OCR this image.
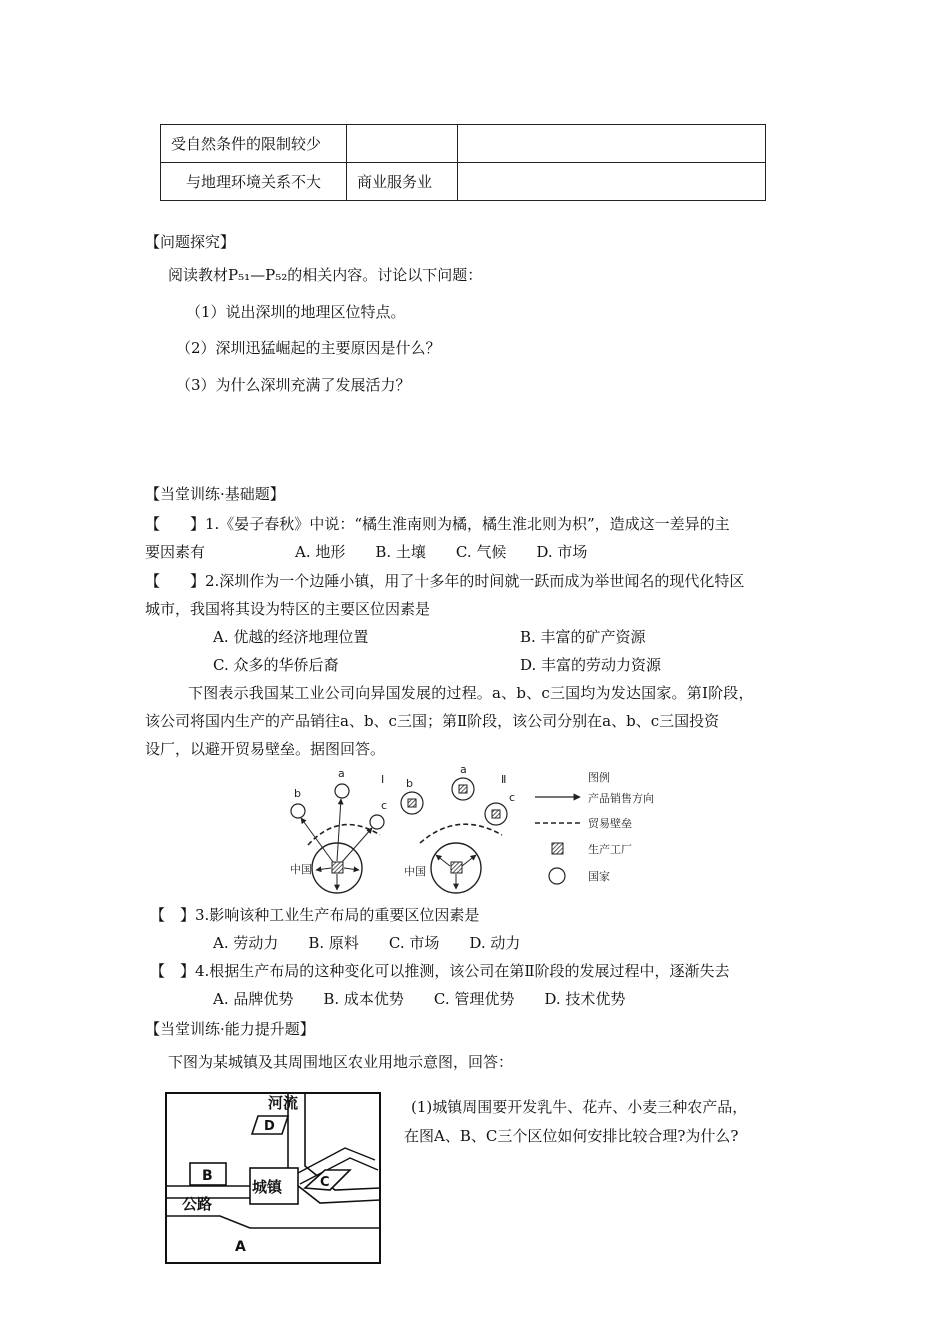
受自然条件的限制较少		
与地理环境关系不大	商业服务业	
【问题探究】
阅读教材P₅₁—P₅₂的相关内容。讨论以下问题：
（1）说出深圳的地理区位特点。
（2）深圳迅猛崛起的主要原因是什么？
（3）为什么深圳充满了发展活力？
【当堂训练·基础题】
【　　】1.《晏子春秋》中说：“橘生淮南则为橘，橘生淮北则为枳”，造成这一差异的主
要因素有　　　　　　A. 地形　　B. 土壤　　C. 气候　　D. 市场
【　　】2.深圳作为一个边陲小镇，用了十多年的时间就一跃而成为举世闻名的现代化特区
城市，我国将其设为特区的主要区位因素是
A. 优越的经济地理位置	B. 丰富的矿产资源
C. 众多的华侨后裔	D. 丰富的劳动力资源
下图表示我国某工业公司向异国发展的过程。a、b、c三国均为发达国家。第Ⅰ阶段，
该公司将国内生产的产品销往a、b、c三国；第Ⅱ阶段，该公司分别在a、b、c三国投资
设厂，以避开贸易壁垒。据图回答。
Ⅰ
a
b
c
中国
Ⅱ
a
b
c
中国
图例
产品销售方向
贸易壁垒
生产工厂
国家
【　】3.影响该种工业生产布局的重要区位因素是
A. 劳动力　　B. 原料　　C. 市场　　D. 动力
【　】4.根据生产布局的这种变化可以推测，该公司在第Ⅱ阶段的发展过程中，逐渐失去
A. 品牌优势　　B. 成本优势　　C. 管理优势　　D. 技术优势
【当堂训练·能力提升题】
下图为某城镇及其周围地区农业用地示意图，回答：
河流
公路
城镇
A
B	C
D
(1)城镇周围要开发乳牛、花卉、小麦三种农产品，
在图A、B、C三个区位如何安排比较合理?为什么?
